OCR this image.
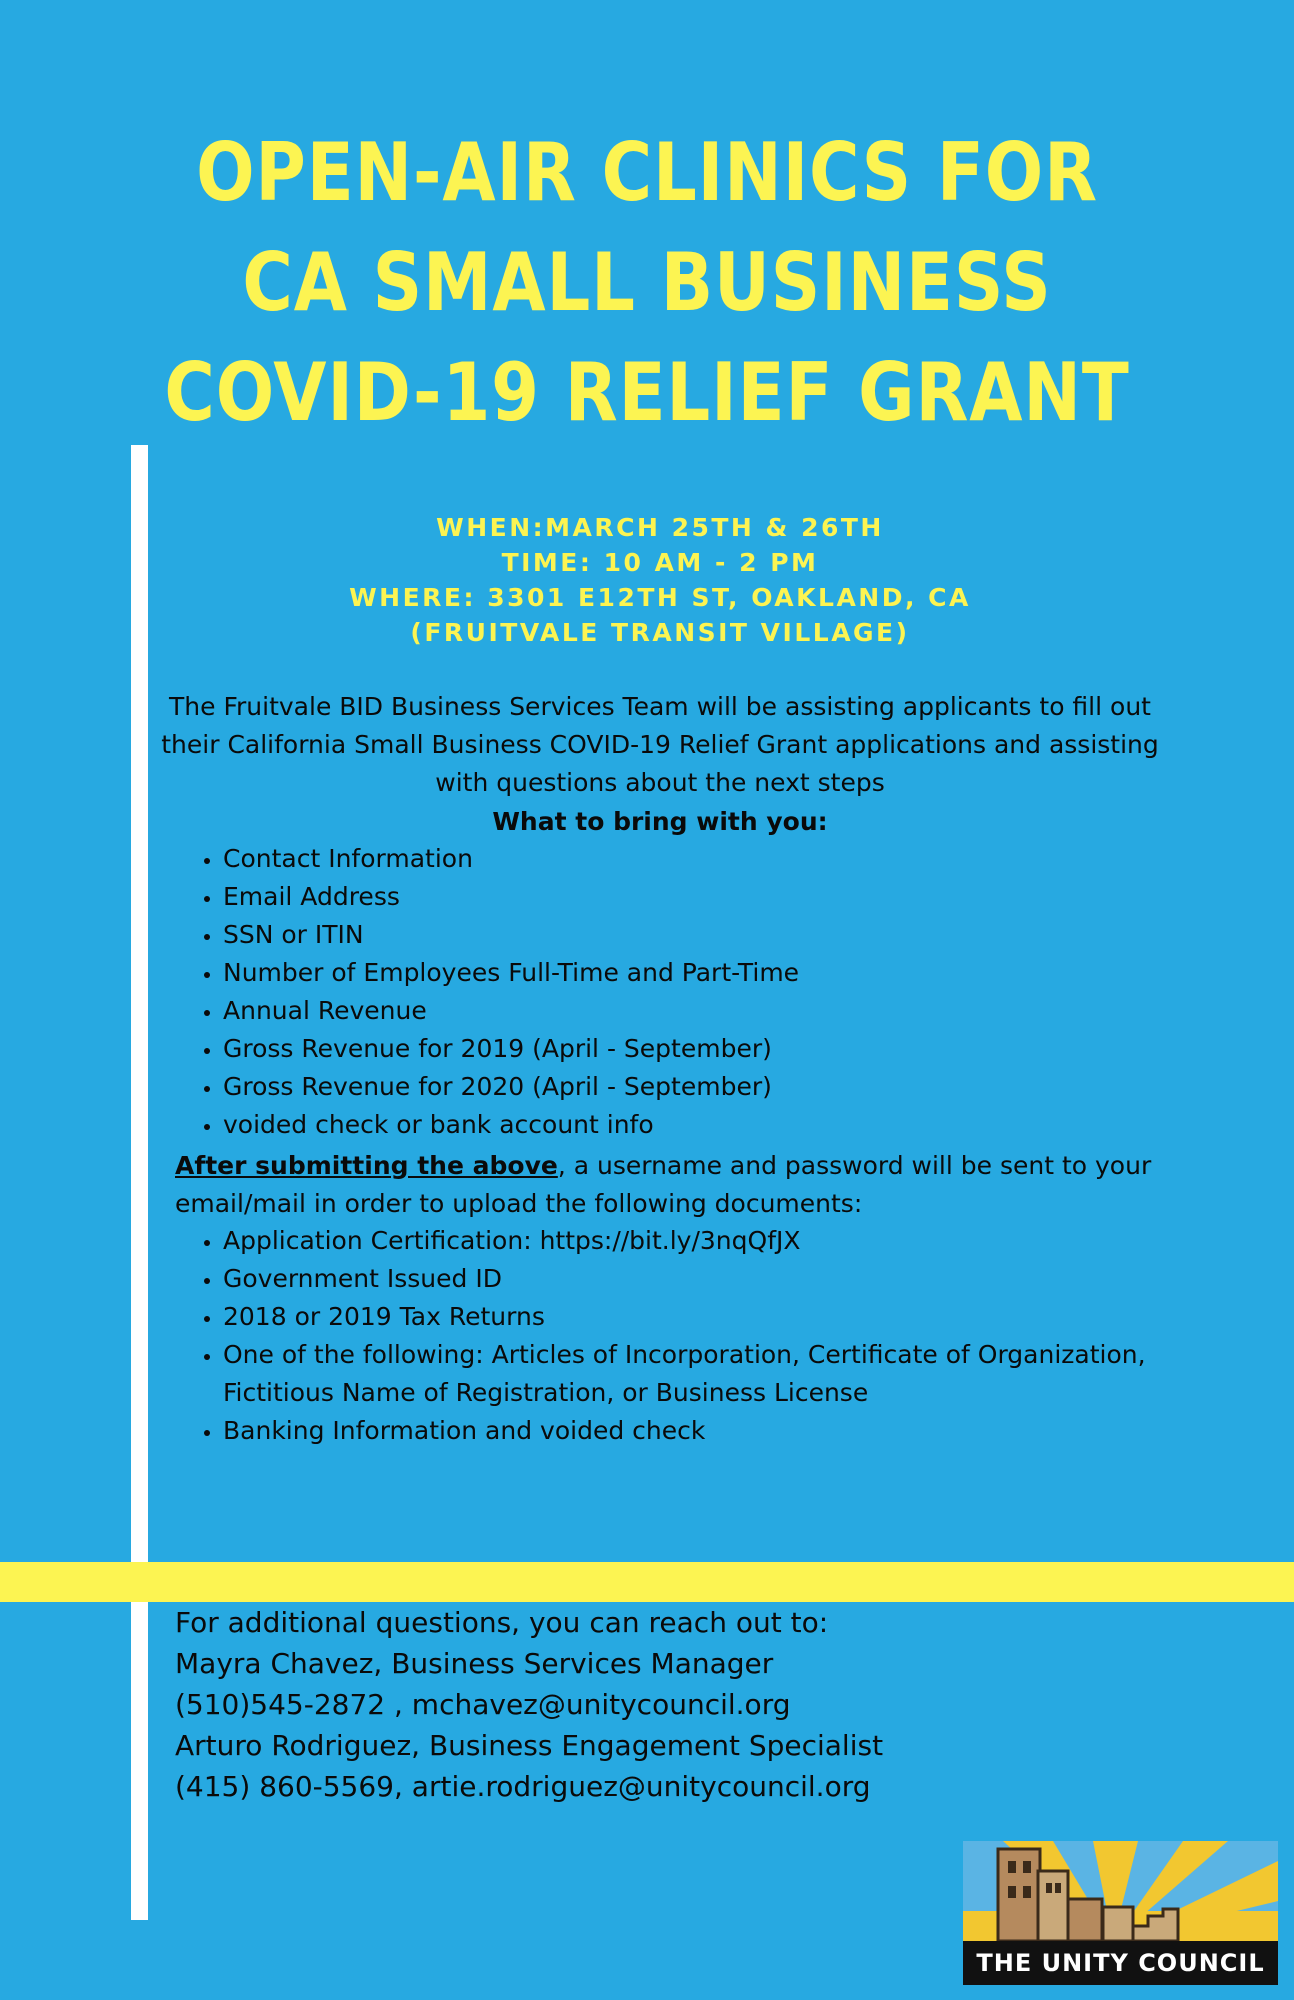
OPEN-AIR CLINICS FOR
CA SMALL BUSINESS
COVID-19 RELIEF GRANT
WHEN:MARCH 25TH & 26TH
TIME: 10 AM - 2 PM
WHERE: 3301 E12TH ST, OAKLAND, CA
(FRUITVALE TRANSIT VILLAGE)

The Fruitvale BID Business Services Team will be assisting applicants to fill out their California Small Business COVID-19 Relief Grant applications and assisting with questions about the next steps

What to bring with you:
• Contact Information
• Email Address
• SSN or ITIN
• Number of Employees Full-Time and Part-Time
• Annual Revenue
• Gross Revenue for 2019 (April - September)
• Gross Revenue for 2020 (April - September)
• voided check or bank account info

After submitting the above, a username and password will be sent to your email/mail in order to upload the following documents:

• Application Certification: https://bit.ly/3nqQfJX
• Government Issued ID
• 2018 or 2019 Tax Returns
• One of the following: Articles of Incorporation, Certificate of Organization, Fictitious Name of Registration, or Business License
• Banking Information and voided check
For additional questions, you can reach out to:
Mayra Chavez, Business Services Manager
(510)545-2872 , mchavez@unitycouncil.org
Arturo Rodriguez, Business Engagement Specialist
(415) 860-5569, artie.rodriguez@unitycouncil.org
THE UNITY COUNCIL
